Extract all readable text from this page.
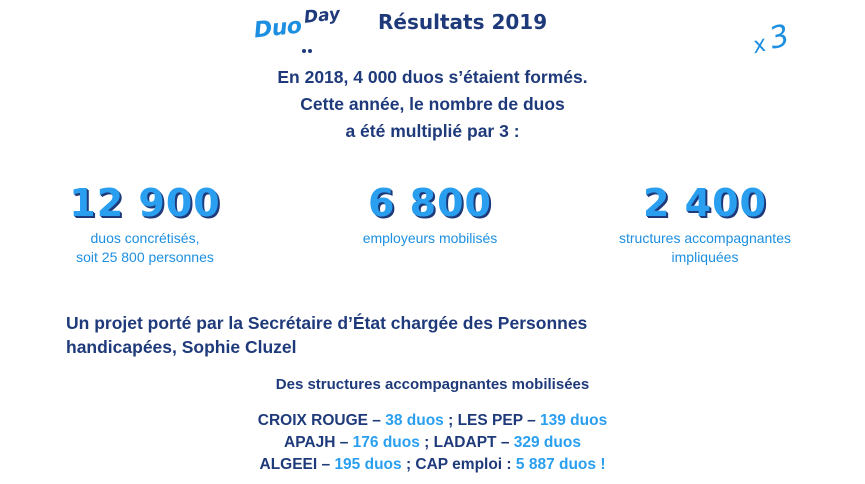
Duo Day Résultats 2019
x 3
En 2018, 4 000 duos s’étaient formés.
Cette année, le nombre de duos
a été multiplié par 3 :
12 900
duos concrétisés,
soit 25 800 personnes
6 800
employeurs mobilisés
2 400
structures accompagnantes
impliquées
Un projet porté par la Secrétaire d’État chargée des Personnes
handicapées, Sophie Cluzel
Des structures accompagnantes mobilisées
CROIX ROUGE – 38 duos ; LES PEP – 139 duos
APAJH – 176 duos ; LADAPT – 329 duos
ALGEEI – 195 duos ; CAP emploi : 5 887 duos !
